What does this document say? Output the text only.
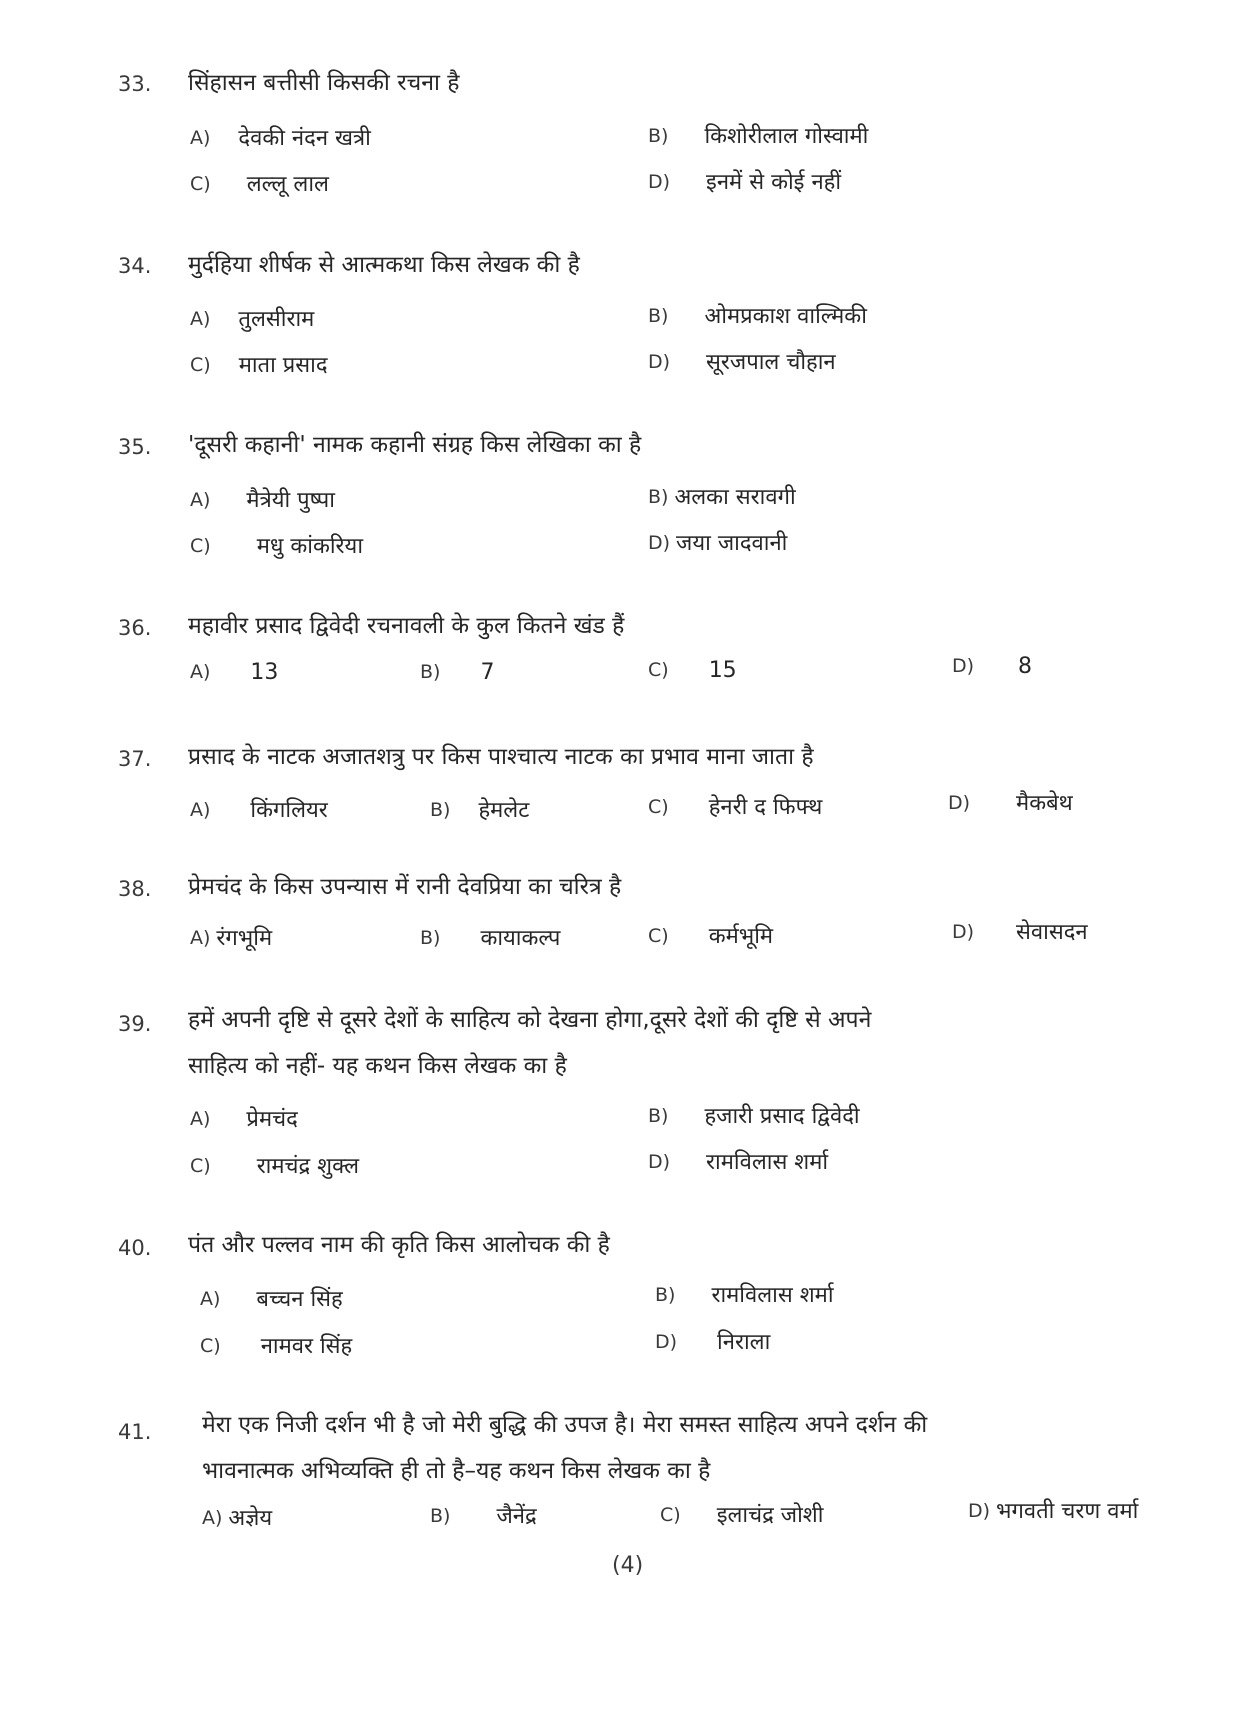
33. सिंहासन बत्तीसी किसकी रचना है
A) देवकी नंदन खत्री	B) किशोरीलाल गोस्वामी
C) लल्लू लाल	D) इनमें से कोई नहीं
34. मुर्दहिया शीर्षक से आत्मकथा किस लेखक की है
A) तुलसीराम	B) ओमप्रकाश वाल्मिकी
C) माता प्रसाद	D) सूरजपाल चौहान
35. 'दूसरी कहानी' नामक कहानी संग्रह किस लेखिका का है
A) मैत्रेयी पुष्पा	B) अलका सरावगी
C) मधु कांकरिया	D) जया जादवानी
36. महावीर प्रसाद द्विवेदी रचनावली के कुल कितने खंड हैं
A) 13	B) 7	C) 15	D) 8
37. प्रसाद के नाटक अजातशत्रु पर किस पाश्चात्य नाटक का प्रभाव माना जाता है
A) किंगलियर	B) हेमलेट	C) हेनरी द फिफ्थ	D) मैकबेथ
38. प्रेमचंद के किस उपन्यास में रानी देवप्रिया का चरित्र है
A) रंगभूमि	B) कायाकल्प	C) कर्मभूमि	D) सेवासदन
39. हमें अपनी दृष्टि से दूसरे देशों के साहित्य को देखना होगा,दूसरे देशों की दृष्टि से अपने
साहित्य को नहीं- यह कथन किस लेखक का है
A) प्रेमचंद	B) हजारी प्रसाद द्विवेदी
C) रामचंद्र शुक्ल	D) रामविलास शर्मा
40. पंत और पल्लव नाम की कृति किस आलोचक की है
A) बच्चन सिंह	B) रामविलास शर्मा
C) नामवर सिंह	D) निराला
41. मेरा एक निजी दर्शन भी है जो मेरी बुद्धि की उपज है। मेरा समस्त साहित्य अपने दर्शन की
भावनात्मक अभिव्यक्ति ही तो है–यह कथन किस लेखक का है
A) अज्ञेय	B) जैनेंद्र	C) इलाचंद्र जोशी	D) भगवती चरण वर्मा
(4)
